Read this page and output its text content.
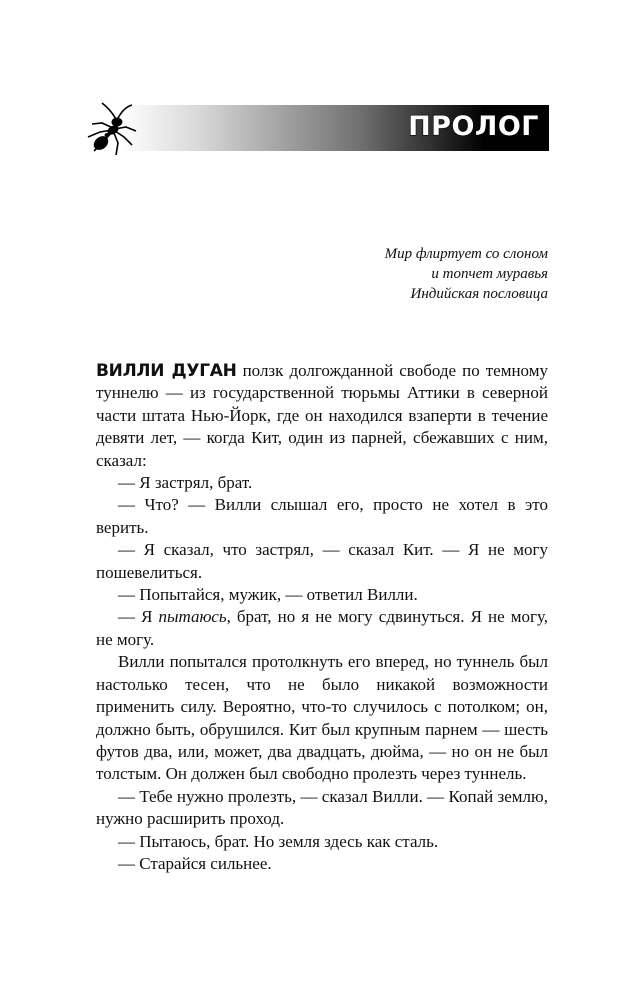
ПРОЛОГ
Мир флиртует со слоном
и топчет муравья
Индийская пословица

ВИЛЛИ ДУГАН ползк долгожданной свободе по темному туннелю — из государственной тюрьмы Аттики в северной части штата Нью-Йорк, где он находился взаперти в течение девяти лет, — когда Кит, один из парней, сбежавших с ним, сказал:

— Я застрял, брат.

— Что? — Вилли слышал его, просто не хотел в это верить.

— Я сказал, что застрял, — сказал Кит. — Я не могу пошевелиться.

— Попытайся, мужик, — ответил Вилли.

— Я пытаюсь, брат, но я не могу сдвинуться. Я не могу, не могу.

Вилли попытался протолкнуть его вперед, но туннель был настолько тесен, что не было никакой возможности применить силу. Вероятно, что-то случилось с потолком; он, должно быть, обрушился. Кит был крупным парнем — шесть футов два, или, может, два двадцать, дюйма, — но он не был толстым. Он должен был свободно пролезть через туннель.

— Тебе нужно пролезть, — сказал Вилли. — Копай землю, нужно расширить проход.

— Пытаюсь, брат. Но земля здесь как сталь.

— Старайся сильнее.
